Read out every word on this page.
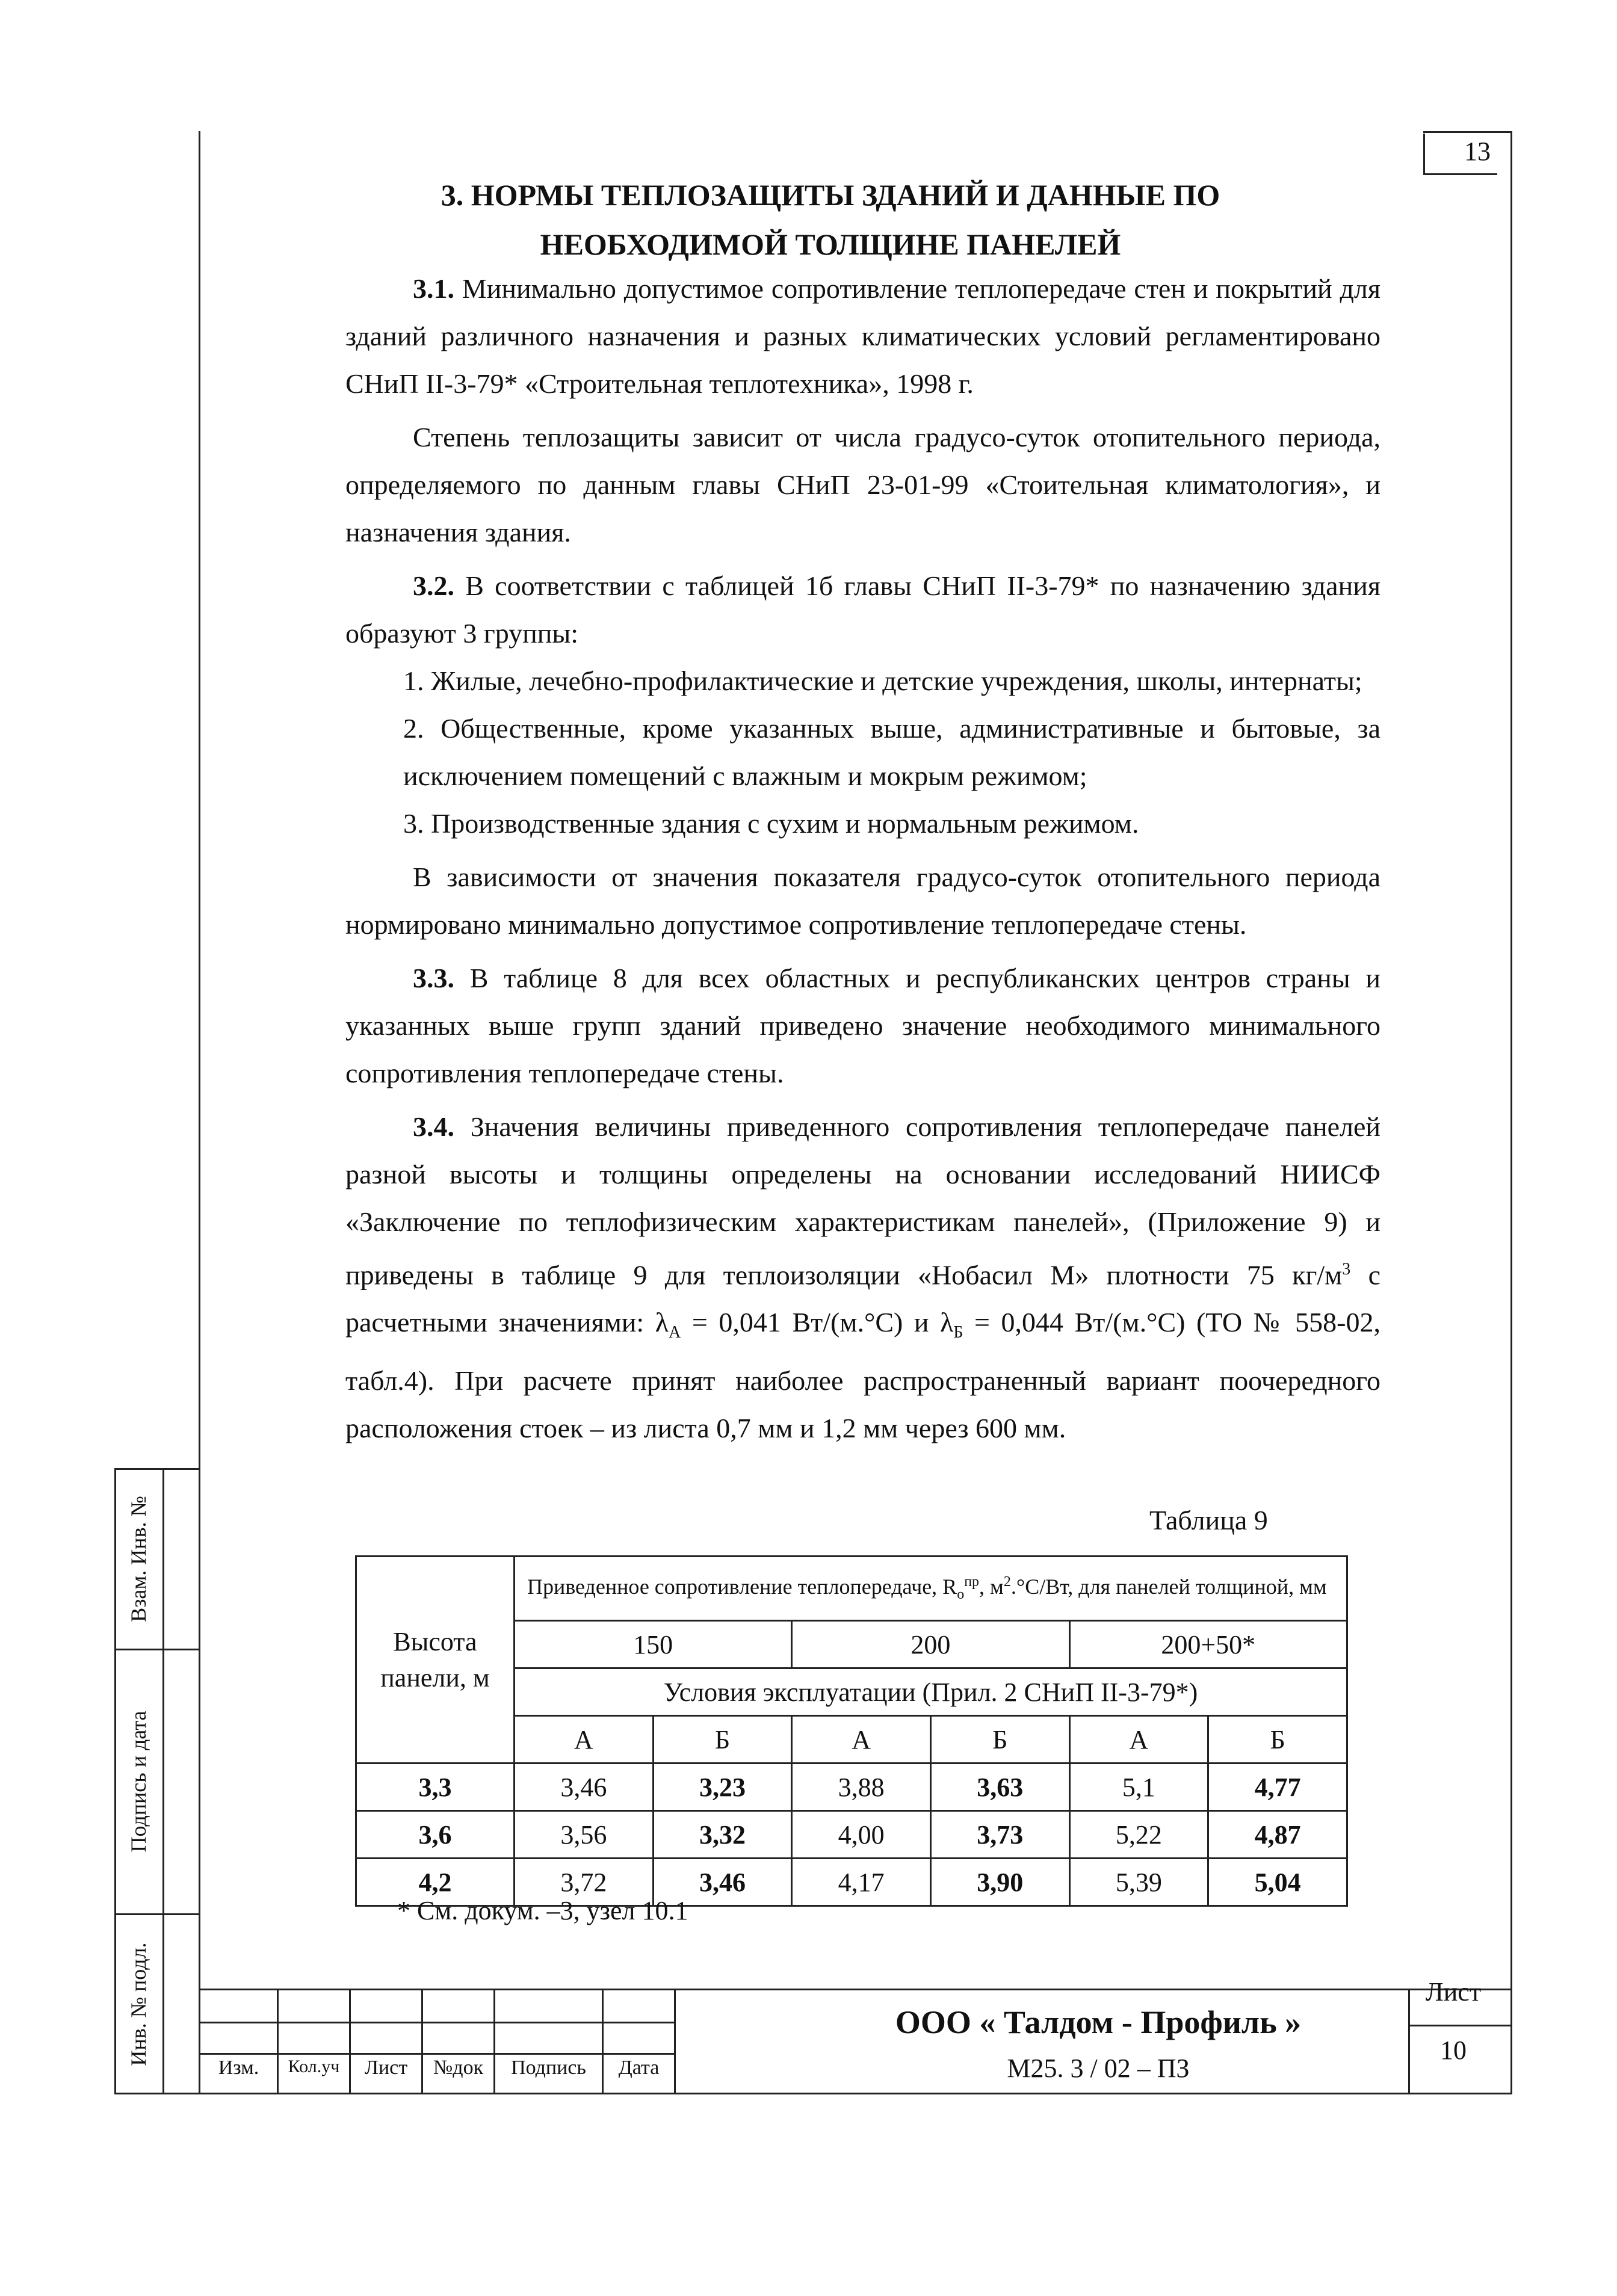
13
Взам. Инв. №
Подпись и дата
Инв. № подл.
3. НОРМЫ ТЕПЛОЗАЩИТЫ ЗДАНИЙ И ДАННЫЕ ПО
НЕОБХОДИМОЙ ТОЛЩИНЕ ПАНЕЛЕЙ

3.1. Минимально допустимое сопротивление теплопередаче стен и покрытий для зданий различного назначения и разных климатических условий регламентировано СНиП II-3-79* «Строительная теплотехника», 1998 г.

Степень теплозащиты зависит от числа градусо-суток отопительного периода, определяемого по данным главы СНиП 23-01-99 «Стоительная климатология», и назначения здания.

3.2. В соответствии с таблицей 1б главы СНиП II-3-79* по назначению здания образуют 3 группы:

1. Жилые, лечебно-профилактические и детские учреждения, школы, интернаты;

2. Общественные, кроме указанных выше, административные и бытовые, за исключением помещений с влажным и мокрым режимом;

3. Производственные здания с сухим и нормальным режимом.

В зависимости от значения показателя градусо-суток отопительного периода нормировано минимально допустимое сопротивление теплопередаче стены.

3.3. В таблице 8 для всех областных и республиканских центров страны и указанных выше групп зданий приведено значение необходимого минимального сопротивления теплопередаче стены.

3.4. Значения величины приведенного сопротивления теплопередаче панелей разной высоты и толщины определены на основании исследований НИИСФ «Заключение по теплофизическим характеристикам панелей», (Приложение 9) и приведены в таблице 9 для теплоизоляции «Нобасил М» плотности 75 $кг/м^3$ с расчетными значениями: $\lambda_А = 0,041$ Вт/(м.°С) и $\lambda_Б = 0,044$ Вт/(м.°С) (ТО № 558-02, табл.4). При расчете принят наиболее распространенный вариант поочередного расположения стоек – из листа 0,7 мм и 1,2 мм через 600 мм.

Таблица 9
Высота панели, м	Приведенное сопротивление теплопередаче, $R_о^{пр}$, $м^2.^\circ С/Вт$, для панелей толщиной, мм					
	150		200		200+50*	
	Условия эксплуатации (Прил. 2 СНиП II-3-79*)					
	А	Б	А	Б	А	Б
3,3	3,46	3,23	3,88	3,63	5,1	4,77
3,6	3,56	3,32	4,00	3,73	5,22	4,87
4,2	3,72	3,46	4,17	3,90	5,39	5,04
* См. докум. –3, узел 10.1
Изм.	Кол.уч	Лист	№док	Подпись	Дата
ООО « Талдом - Профиль »
М25. 3 / 02 – ПЗ
Лист
10
